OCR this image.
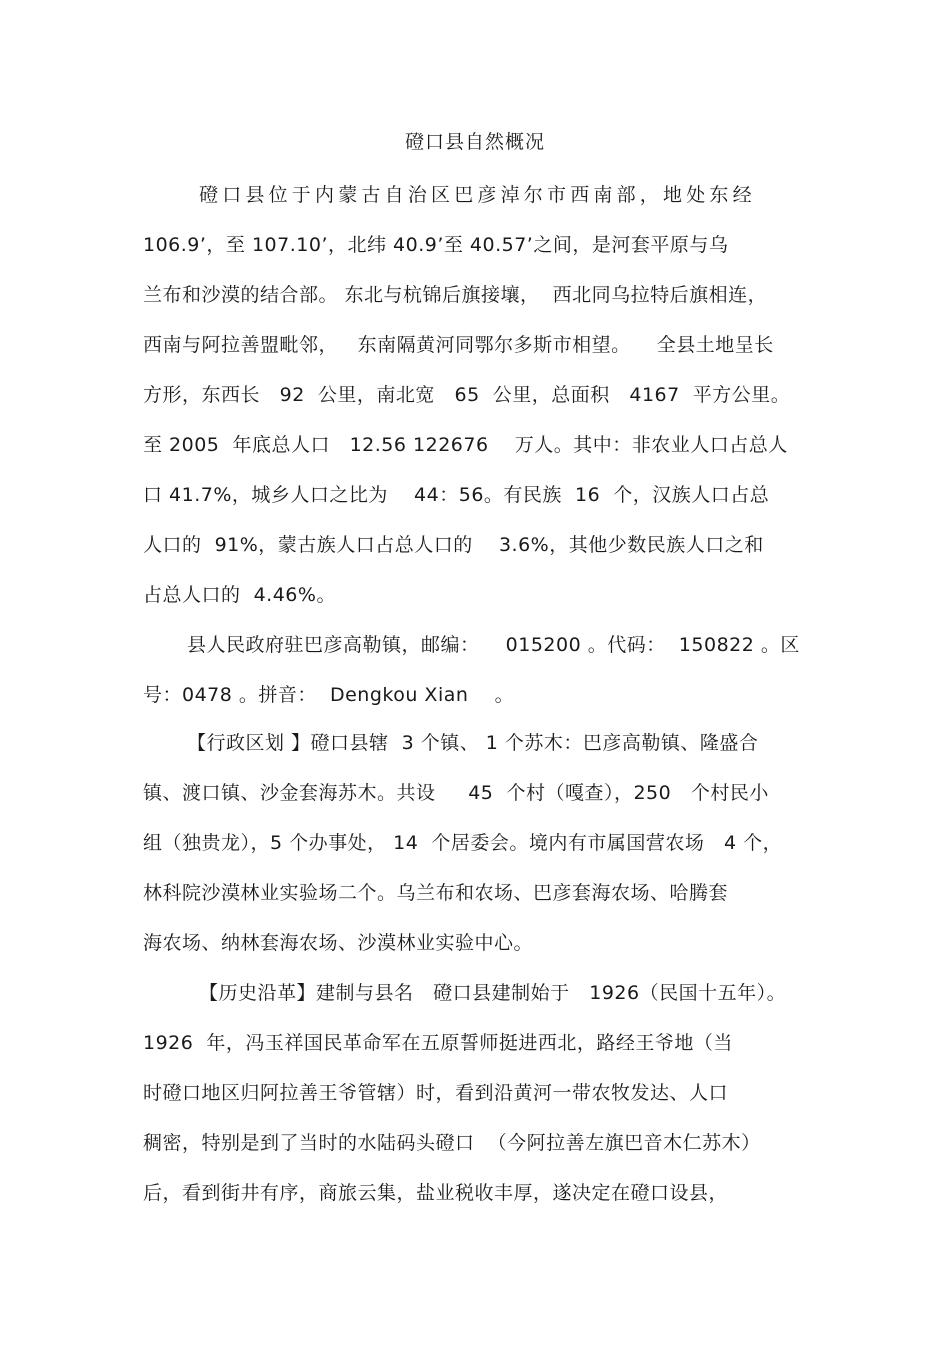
磴口县自然概况
磴口县位于内蒙古自治区巴彦淖尔市西南部，地处东经
106.9’，至 107.10’，北纬 40.9’至 40.57’之间，是河套平原与乌
兰布和沙漠的结合部。 东北与杭锦后旗接壤，  西北同乌拉特后旗相连，
西南与阿拉善盟毗邻，   东南隔黄河同鄂尔多斯市相望。    全县土地呈长
方形，东西长   92  公里，南北宽   65  公里，总面积   4167  平方公里。
至 2005  年底总人口   12.56 122676    万人。其中：非农业人口占总人
口 41.7%，城乡人口之比为    44：56。有民族  16  个，汉族人口占总
人口的  91%，蒙古族人口占总人口的    3.6%，其他少数民族人口之和
占总人口的  4.46%。
县人民政府驻巴彦高勒镇，邮编：    015200 。代码：  150822 。区
号：0478 。拼音：  Dengkou Xian    。
【行政区划 】磴口县辖  3 个镇、 1 个苏木：巴彦高勒镇、隆盛合
镇、渡口镇、沙金套海苏木。共设     45  个村（嘎查），250   个村民小
组（独贵龙），5 个办事处， 14  个居委会。境内有市属国营农场   4 个，
林科院沙漠林业实验场二个。乌兰布和农场、巴彦套海农场、哈腾套
海农场、纳林套海农场、沙漠林业实验中心。
【历史沿革】建制与县名   磴口县建制始于   1926（民国十五年）。
1926  年，冯玉祥国民革命军在五原誓师挺进西北，路经王爷地（当
时磴口地区归阿拉善王爷管辖）时，看到沿黄河一带农牧发达、人口
稠密，特别是到了当时的水陆码头磴口  （今阿拉善左旗巴音木仁苏木）
后，看到街井有序，商旅云集，盐业税收丰厚，遂决定在磴口设县，
